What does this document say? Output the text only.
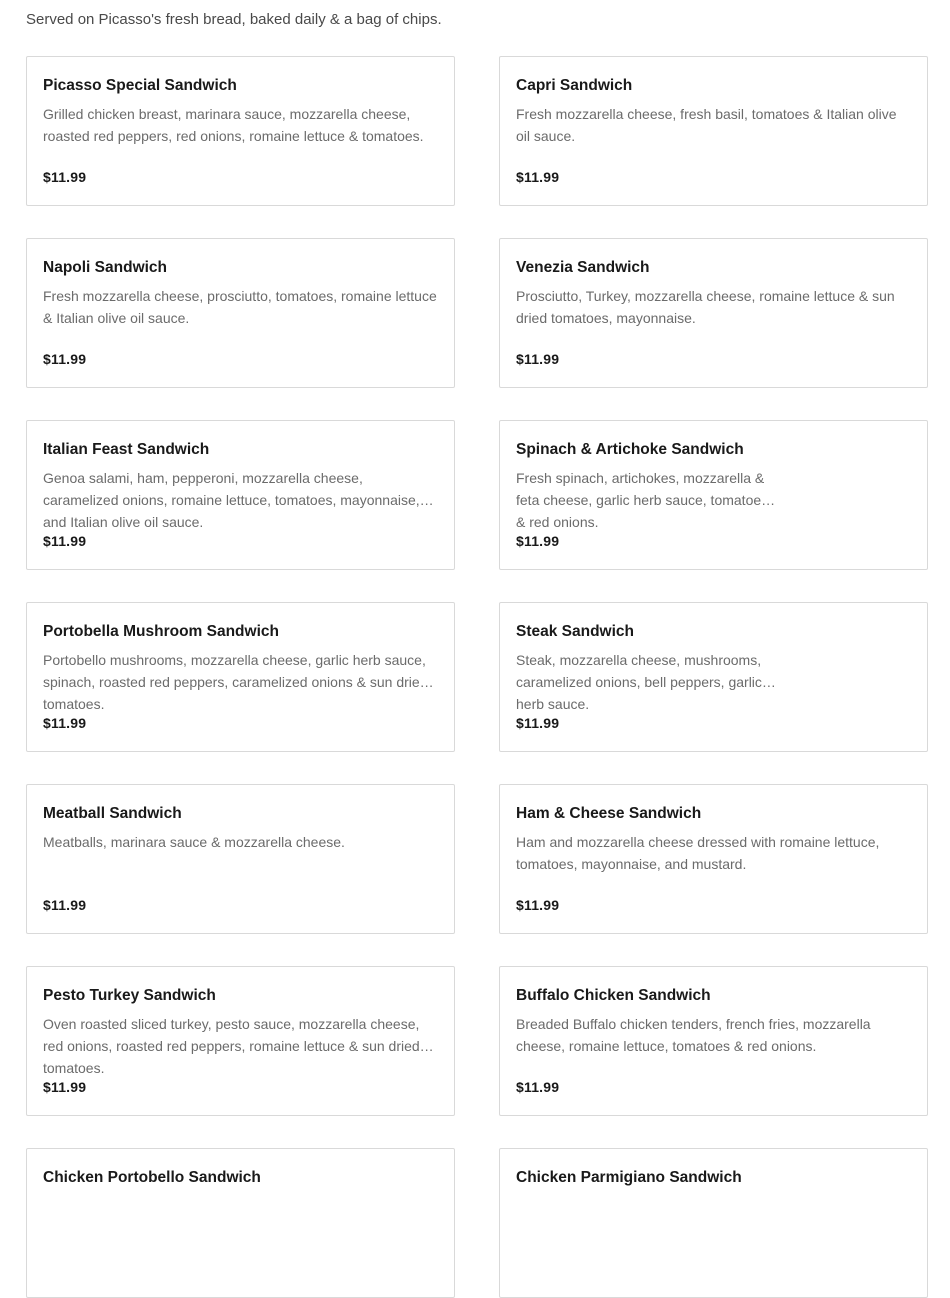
Served on Picasso's fresh bread, baked daily & a bag of chips.

Picasso Special Sandwich
Grilled chicken breast, marinara sauce, mozzarella cheese, roasted red peppers, red onions, romaine lettuce & tomatoes.
$11.99
Capri Sandwich
Fresh mozzarella cheese, fresh basil, tomatoes & Italian olive oil sauce.
$11.99
Napoli Sandwich
Fresh mozzarella cheese, prosciutto, tomatoes, romaine lettuce & Italian olive oil sauce.
$11.99
Venezia Sandwich
Prosciutto, Turkey, mozzarella cheese, romaine lettuce & sun dried tomatoes, mayonnaise.
$11.99
Italian Feast Sandwich
Genoa salami, ham, pepperoni, mozzarella cheese, caramelized onions, romaine lettuce, tomatoes, mayonnaise, and Italian olive oil sauce.
$11.99
Spinach & Artichoke Sandwich
Fresh spinach, artichokes, mozzarella & feta cheese, garlic herb sauce, tomatoes & red onions.
$11.99
Portobella Mushroom Sandwich
Portobello mushrooms, mozzarella cheese, garlic herb sauce, spinach, roasted red peppers, caramelized onions & sun dried tomatoes.
$11.99
Steak Sandwich
Steak, mozzarella cheese, mushrooms, caramelized onions, bell peppers, garlic herb sauce.
$11.99
Meatball Sandwich
Meatballs, marinara sauce & mozzarella cheese.
$11.99
Ham & Cheese Sandwich
Ham and mozzarella cheese dressed with romaine lettuce, tomatoes, mayonnaise, and mustard.
$11.99
Pesto Turkey Sandwich
Oven roasted sliced turkey, pesto sauce, mozzarella cheese, red onions, roasted red peppers, romaine lettuce & sun dried tomatoes.
$11.99
Buffalo Chicken Sandwich
Breaded Buffalo chicken tenders, french fries, mozzarella cheese, romaine lettuce, tomatoes & red onions.
$11.99
Chicken Portobello Sandwich	Chicken Parmigiano Sandwich
